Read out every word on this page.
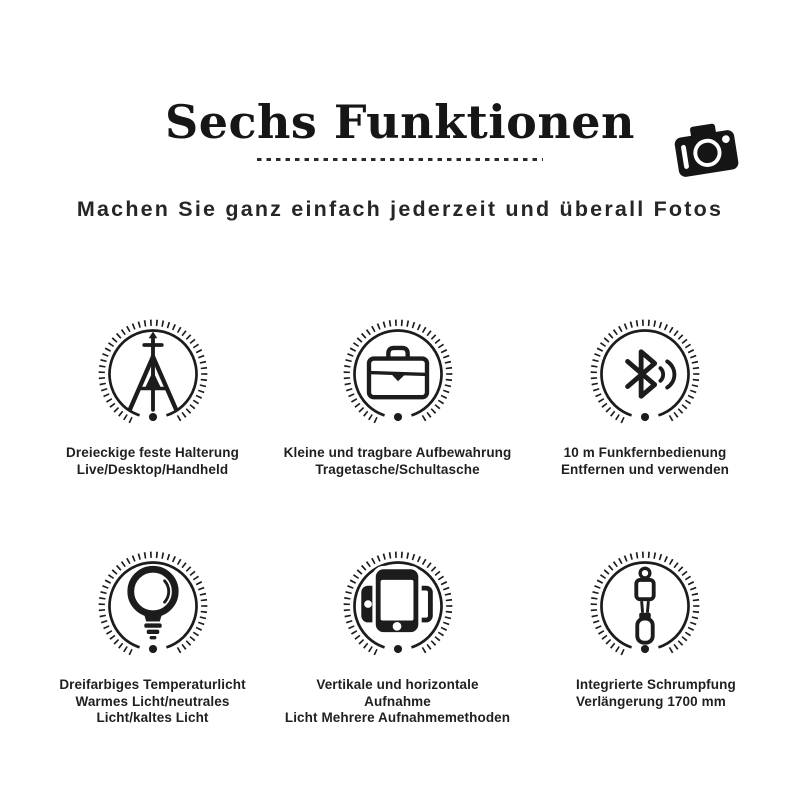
Sechs Funktionen

Machen Sie ganz einfach jederzeit und überall Fotos

Dreieckige feste Halterung
Live/Desktop/Handheld

Kleine und tragbare Aufbewahrung
Tragetasche/Schultasche

10 m Funkfernbedienung
Entfernen und verwenden

Dreifarbiges Temperaturlicht
Warmes Licht/neutrales
Licht/kaltes Licht

Vertikale und horizontale
Aufnahme
Licht Mehrere Aufnahmemethoden

Integrierte Schrumpfung
Verlängerung 1700 mm
